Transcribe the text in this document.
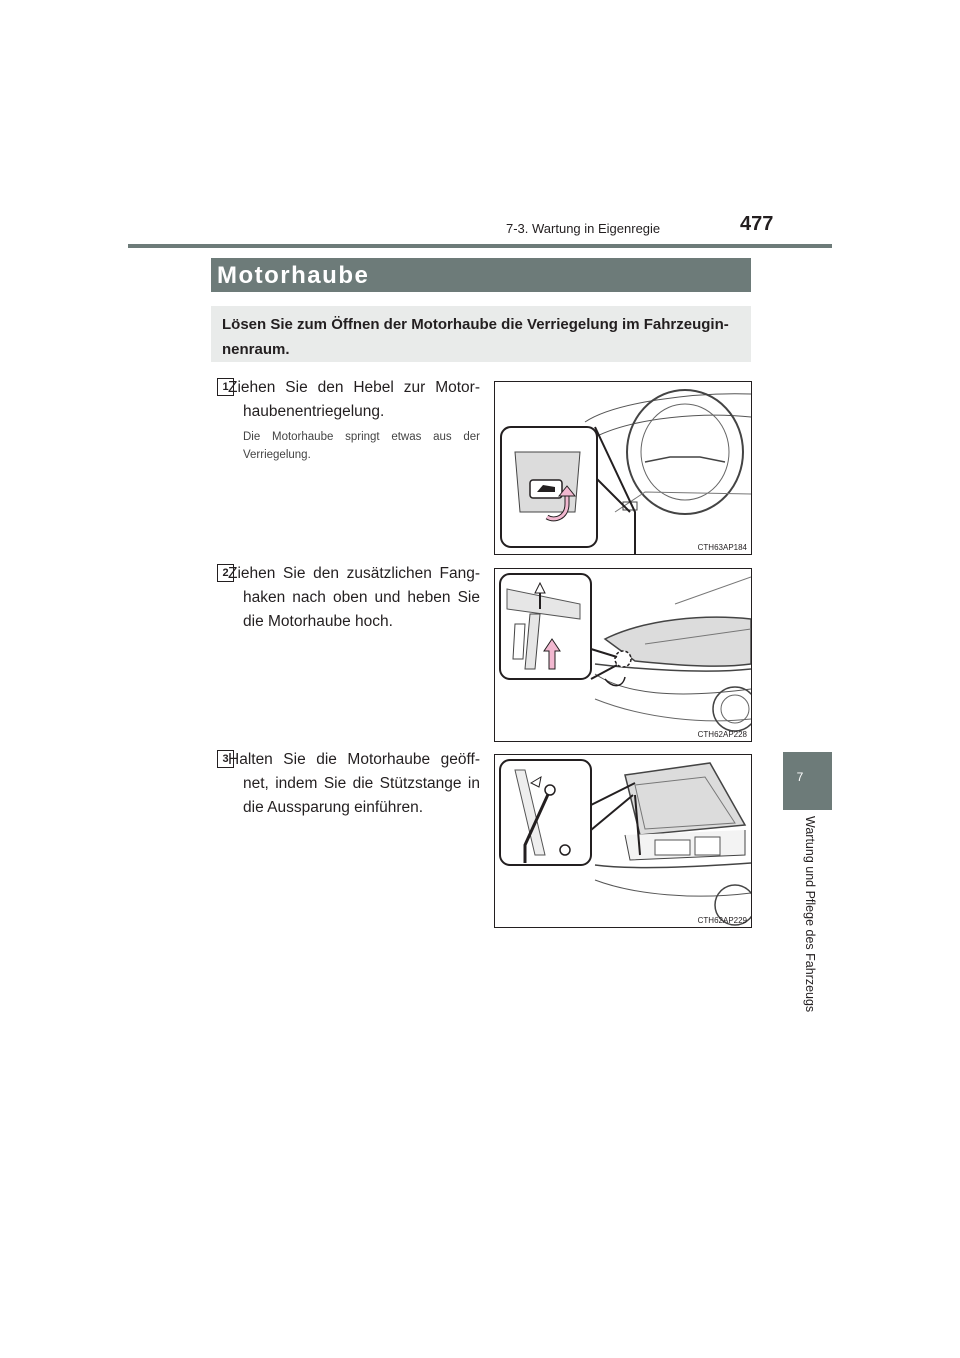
7-3. Wartung in Eigenregie	477
7
Wartung und Pflege des Fahrzeugs
Motorhaube
Lösen Sie zum Öffnen der Motorhaube die Verriegelung im Fahrzeugin- nenraum.
1 Ziehen Sie den Hebel zur Motor- haubenentriegelung.
Die Motorhaube springt etwas aus der Verriegelung.
CTH63AP184
2 Ziehen Sie den zusätzlichen Fang- haken nach oben und heben Sie die Motorhaube hoch.
CTH62AP228
3 Halten Sie die Motorhaube geöff- net, indem Sie die Stützstange in die Aussparung einführen.
CTH62AP229
